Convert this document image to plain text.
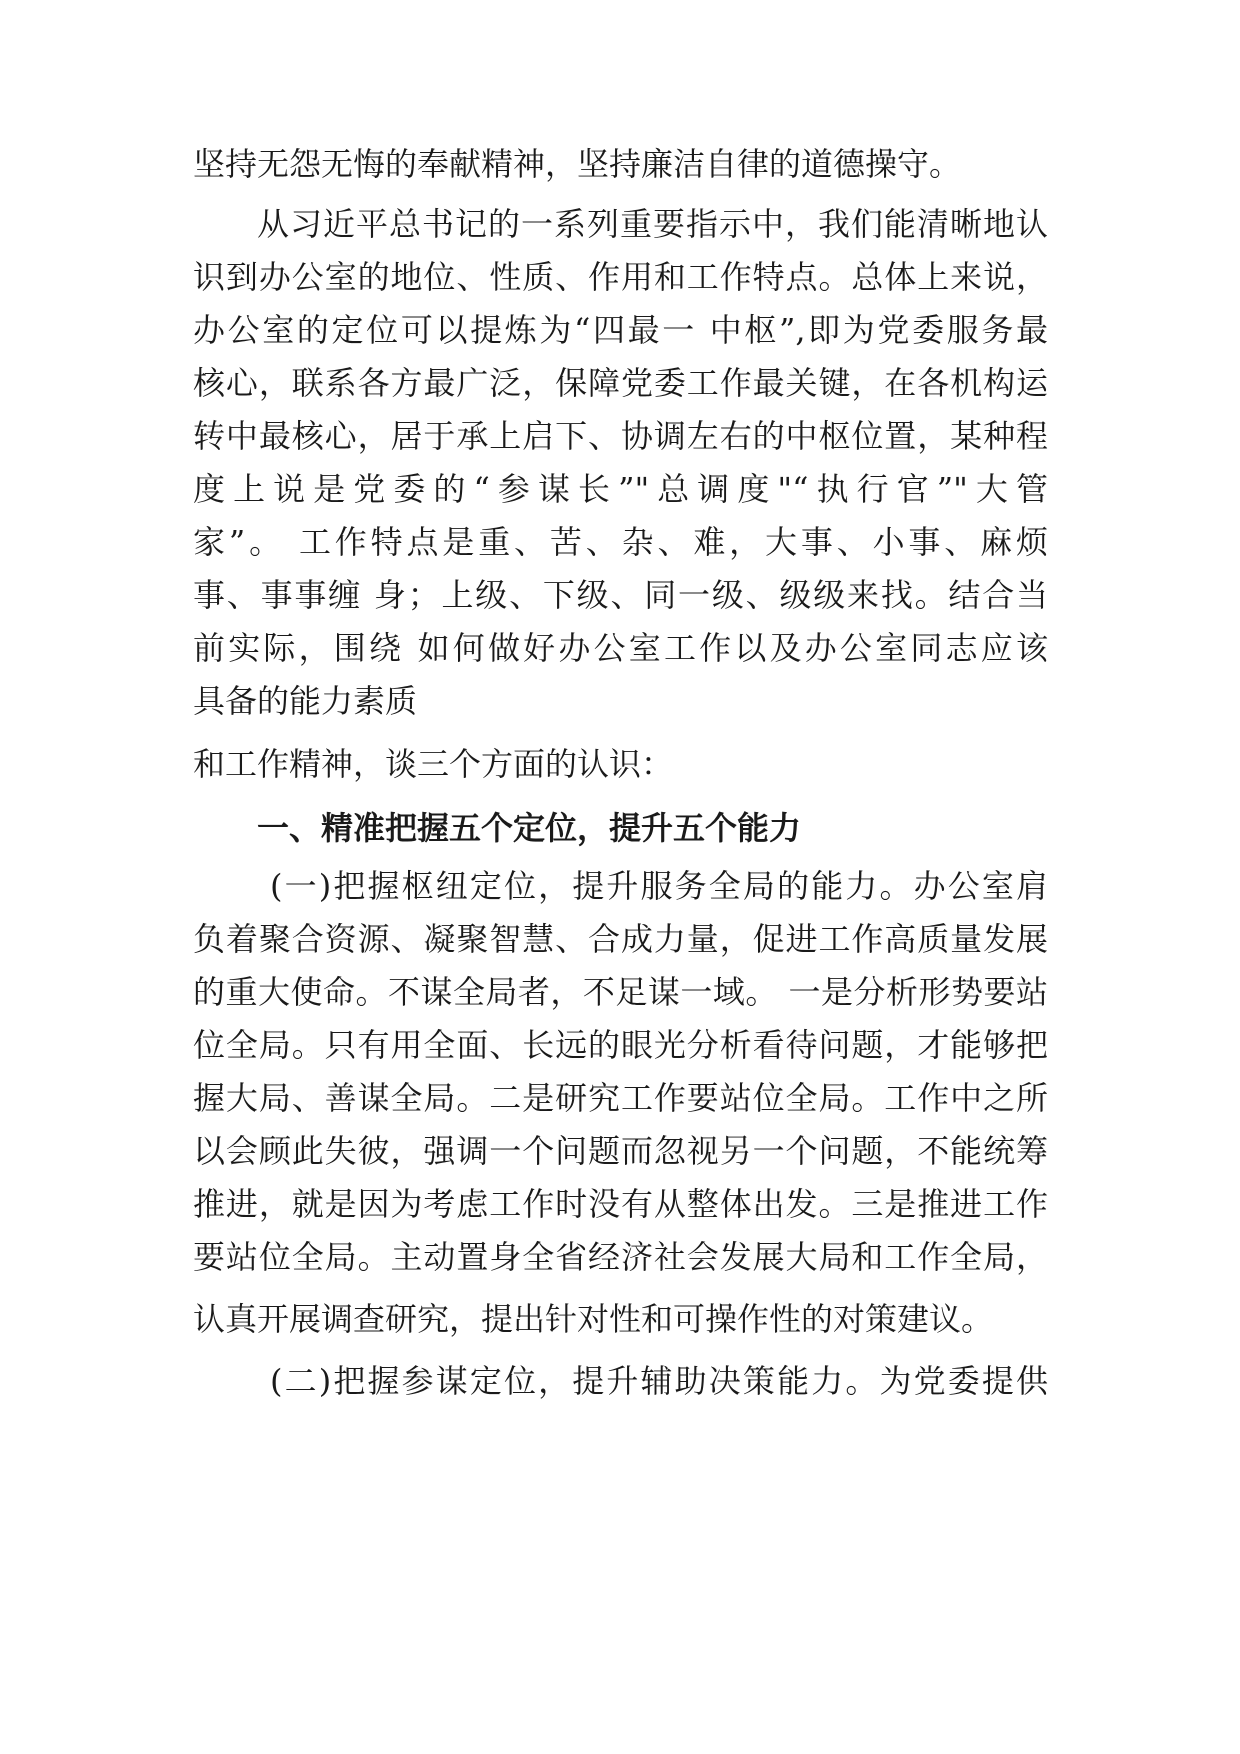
坚持无怨无悔的奉献精神，坚持廉洁自律的道德操守。
从习近平总书记的一系列重要指示中，我们能清晰地认
识到办公室的地位、性质、作用和工作特点。总体上来说，
办公室的定位可以提炼为“四最一 中枢”,即为党委服务最
核心，联系各方最广泛，保障党委工作最关键，在各机构运
转中最核心，居于承上启下、协调左右的中枢位置，某种程
度上说是党委的“参谋长”"总调度"“执行官”"大管
家”。 工作特点是重、苦、杂、难，大事、小事、麻烦
事、事事缠 身；上级、下级、同一级、级级来找。结合当
前实际，围绕 如何做好办公室工作以及办公室同志应该
具备的能力素质
和工作精神，谈三个方面的认识：
一、精准把握五个定位，提升五个能力
(一)把握枢纽定位，提升服务全局的能力。办公室肩
负着聚合资源、凝聚智慧、合成力量，促进工作高质量发展
的重大使命。不谋全局者，不足谋一域。 一是分析形势要站
位全局。只有用全面、长远的眼光分析看待问题，才能够把
握大局、善谋全局。二是研究工作要站位全局。工作中之所
以会顾此失彼，强调一个问题而忽视另一个问题，不能统筹
推进，就是因为考虑工作时没有从整体出发。三是推进工作
要站位全局。主动置身全省经济社会发展大局和工作全局，
认真开展调查研究，提出针对性和可操作性的对策建议。
(二)把握参谋定位，提升辅助决策能力。为党委提供
